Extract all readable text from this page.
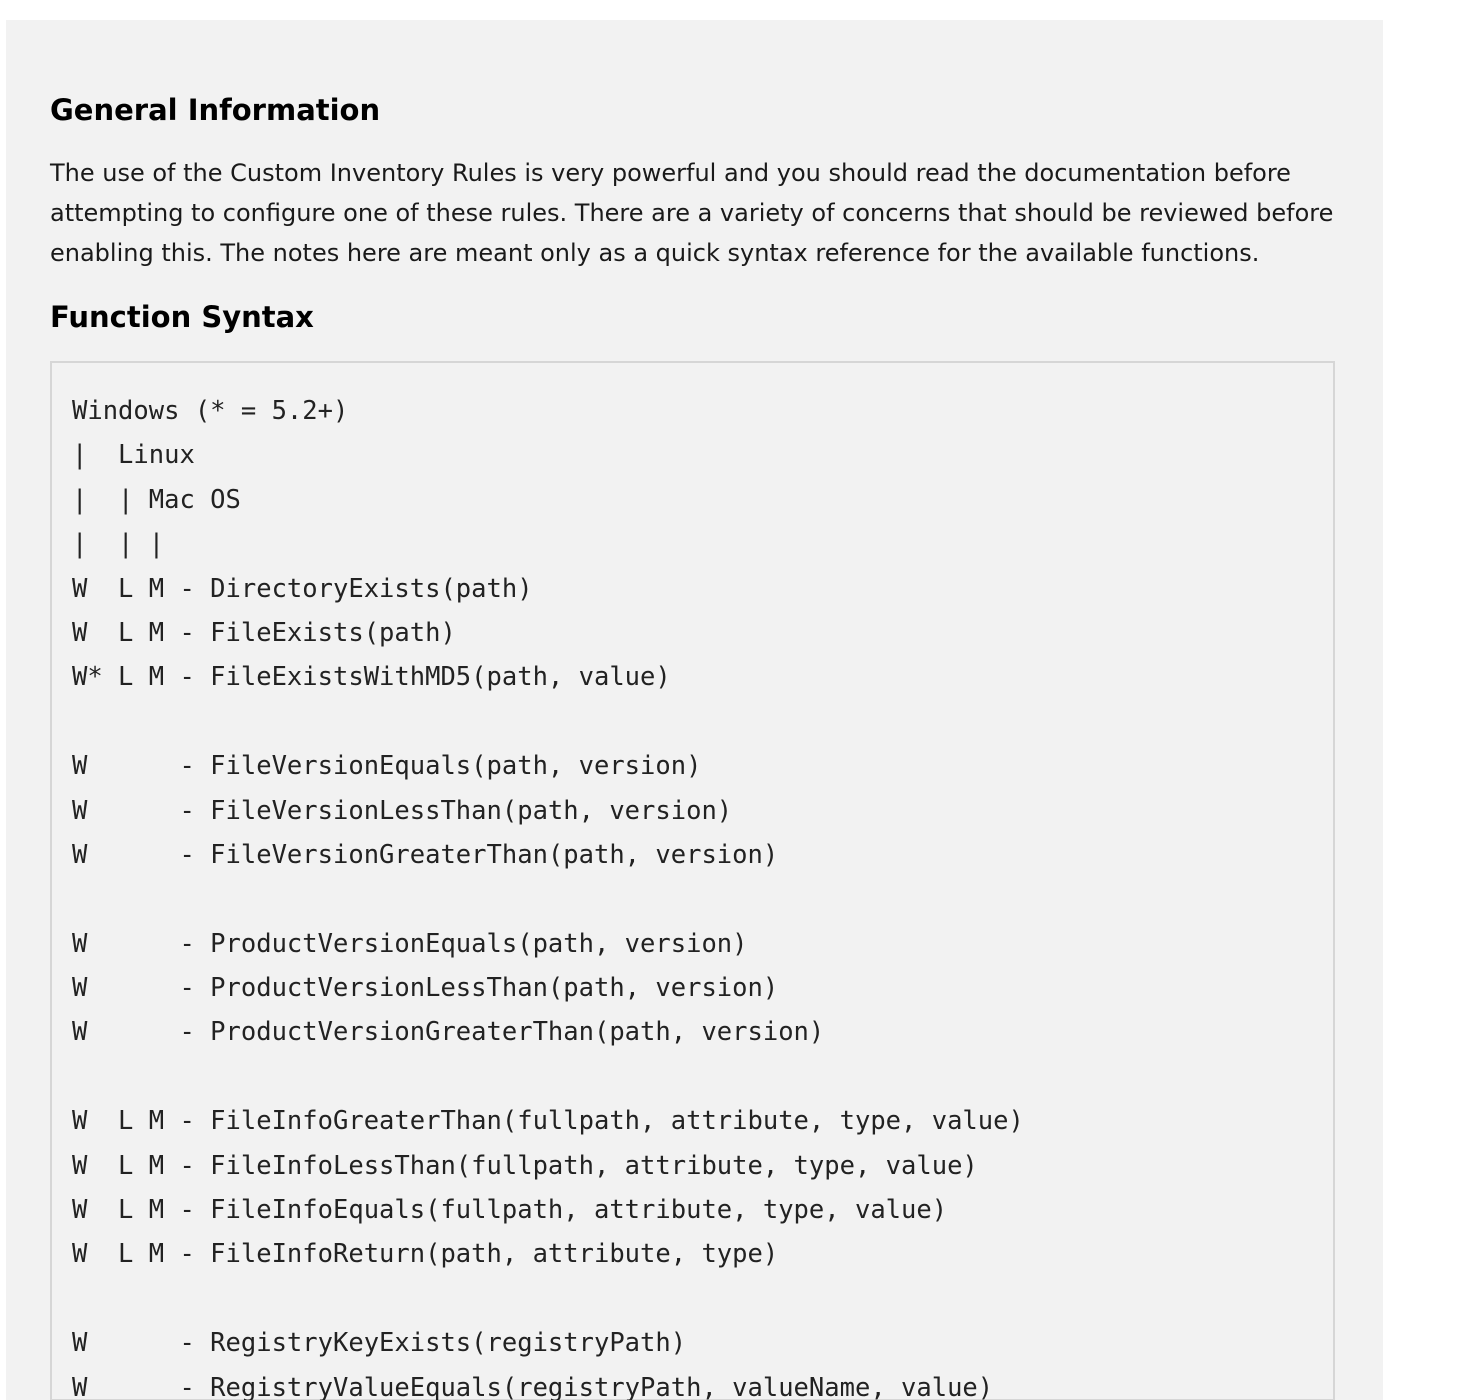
General Information

The use of the Custom Inventory Rules is very powerful and you should read the documentation before attempting to configure one of these rules. There are a variety of concerns that should be reviewed before enabling this. The notes here are meant only as a quick syntax reference for the available functions.

Function Syntax
Windows (* = 5.2+)
|  Linux
|  | Mac OS
|  | |
W  L M - DirectoryExists(path)
W  L M - FileExists(path)
W* L M - FileExistsWithMD5(path, value)
W      - FileVersionEquals(path, version)
W      - FileVersionLessThan(path, version)
W      - FileVersionGreaterThan(path, version)
W      - ProductVersionEquals(path, version)
W      - ProductVersionLessThan(path, version)
W      - ProductVersionGreaterThan(path, version)
W  L M - FileInfoGreaterThan(fullpath, attribute, type, value)
W  L M - FileInfoLessThan(fullpath, attribute, type, value)
W  L M - FileInfoEquals(fullpath, attribute, type, value)
W  L M - FileInfoReturn(path, attribute, type)
W      - RegistryKeyExists(registryPath)
W      - RegistryValueEquals(registryPath, valueName, value)
